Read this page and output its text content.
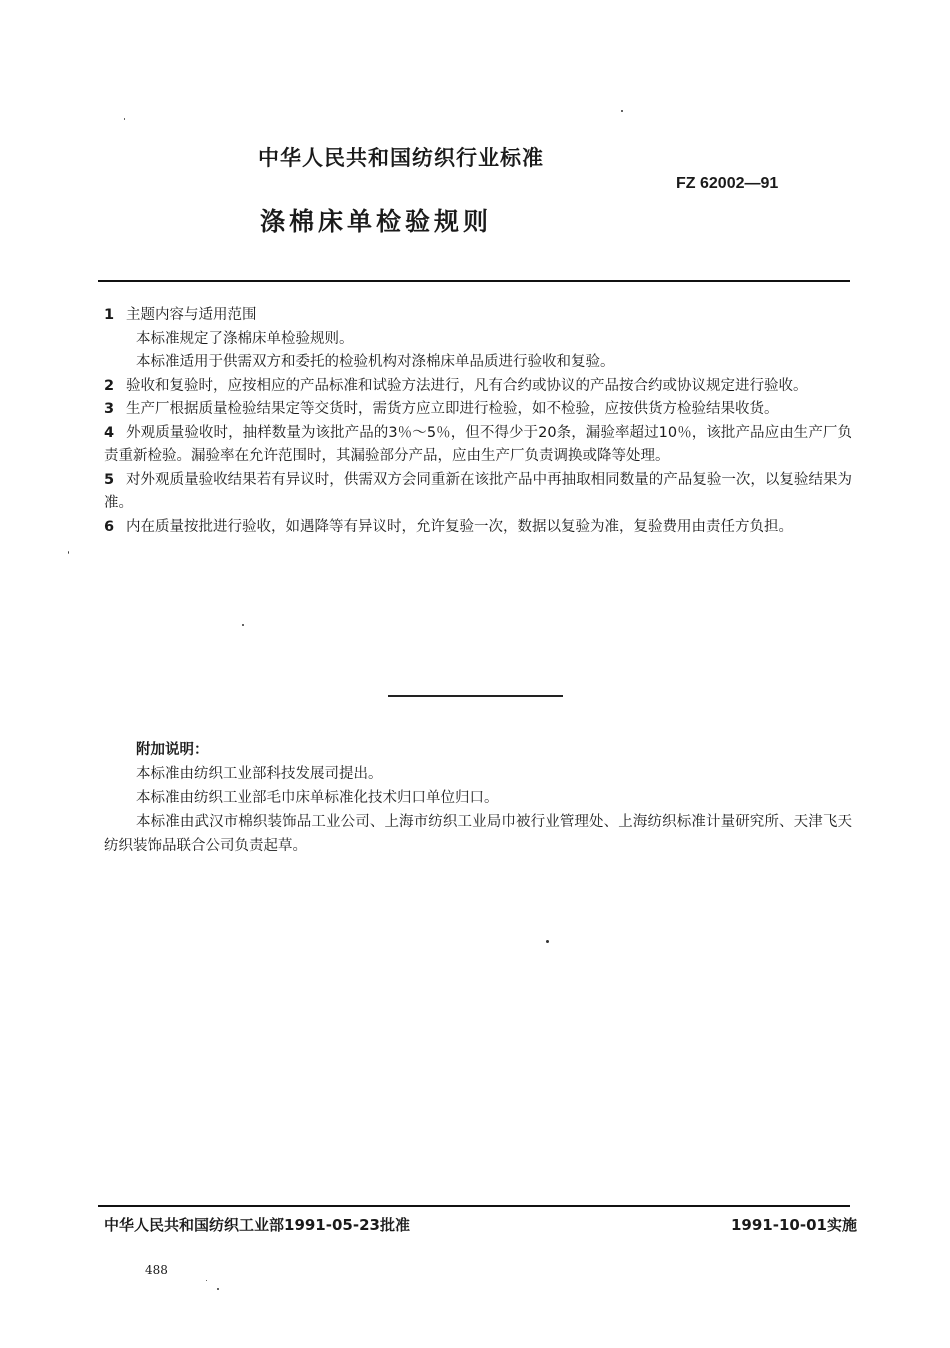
中华人民共和国纺织行业标准
FZ 62002—91
涤棉床单检验规则

1 主题内容与适用范围

本标准规定了涤棉床单检验规则。

本标准适用于供需双方和委托的检验机构对涤棉床单品质进行验收和复验。

2 验收和复验时，应按相应的产品标准和试验方法进行，凡有合约或协议的产品按合约或协议规定进行验收。

3 生产厂根据质量检验结果定等交货时，需货方应立即进行检验，如不检验，应按供货方检验结果收货。

4 外观质量验收时，抽样数量为该批产品的3％～5％，但不得少于20条，漏验率超过10％，该批产品应由生产厂负责重新检验。漏验率在允许范围时，其漏验部分产品，应由生产厂负责调换或降等处理。

5 对外观质量验收结果若有异议时，供需双方会同重新在该批产品中再抽取相同数量的产品复验一次，以复验结果为准。

6 内在质量按批进行验收，如遇降等有异议时，允许复验一次，数据以复验为准，复验费用由责任方负担。

附加说明：

本标准由纺织工业部科技发展司提出。

本标准由纺织工业部毛巾床单标准化技术归口单位归口。

本标准由武汉市棉织装饰品工业公司、上海市纺织工业局巾被行业管理处、上海纺织标准计量研究所、天津飞天纺织装饰品联合公司负责起草。

中华人民共和国纺织工业部1991-05-23批准	1991-10-01实施
488
